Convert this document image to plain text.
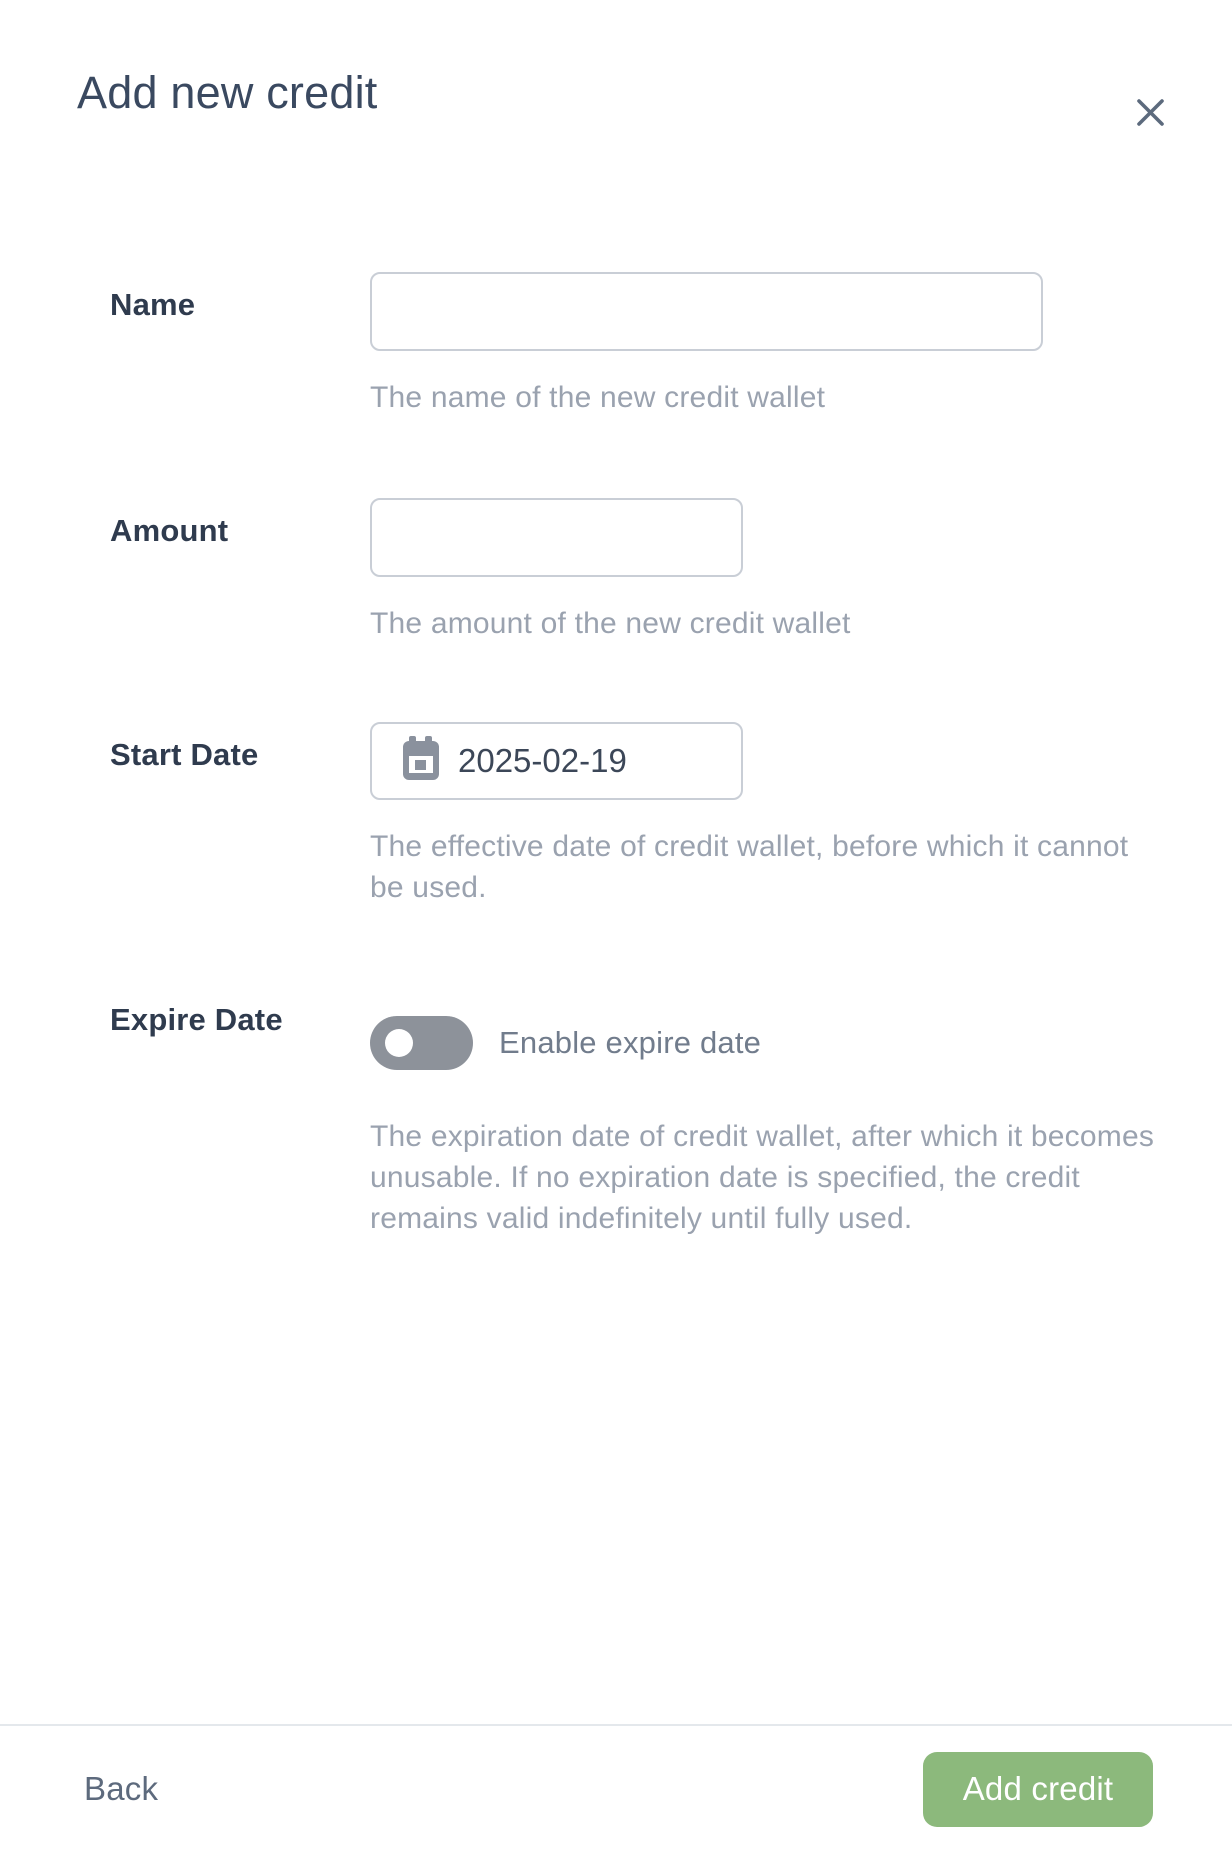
Add new credit
Name
The name of the new credit wallet
Amount
The amount of the new credit wallet
Start Date	2025-02-19
The effective date of credit wallet, before which it cannot be used.
Expire Date
Enable expire date
The expiration date of credit wallet, after which it becomes unusable. If no expiration date is specified, the credit remains valid indefinitely until fully used.
Back	Add credit
